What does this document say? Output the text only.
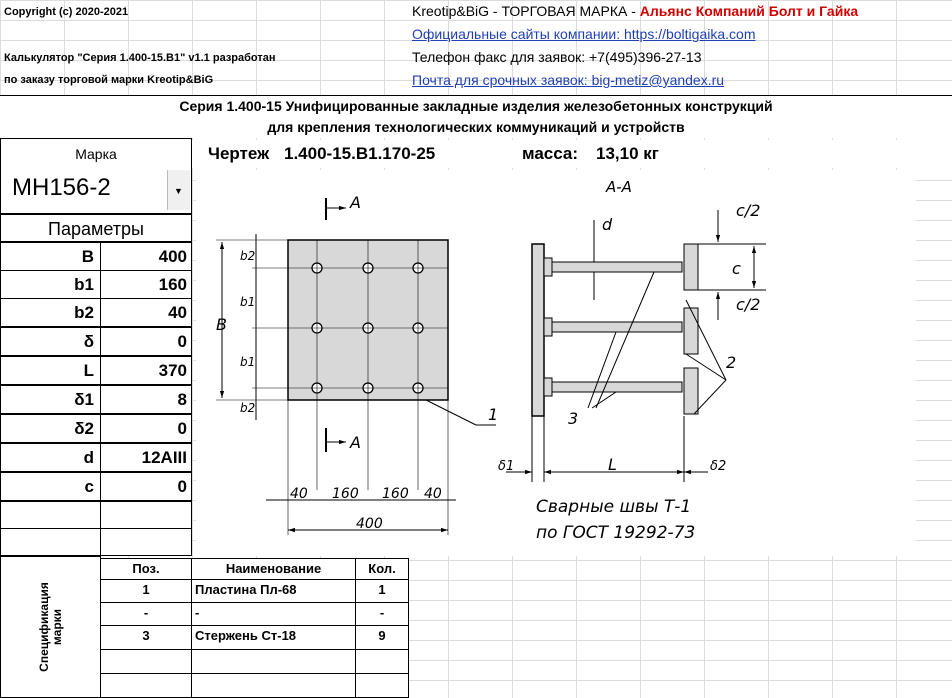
Copyright (c) 2020-2021
Калькулятор "Серия 1.400-15.В1" v1.1 разработан
по заказу торговой марки Kreotip&BiG
Kreotip&BiG - ТОРГОВАЯ МАРКА - Альянс Компаний Болт и Гайка
Официальные сайты компании: https://boltigaika.com
Телефон факс для заявок: +7(495)396-27-13
Почта для срочных заявок: big-metiz@yandex.ru
Серия 1.400-15 Унифицированные закладные изделия железобетонных конструкций
для крепления технологических коммуникаций и устройств
Марка
МН156-2	▼
Чертеж 1.400-15.В1.170-25	масса: 13,10 кг
Параметры
B	400
b1	160
b2	40
δ	0
L	370
δ1	8
δ2	0
d	12AIII
c	0
A
A
B
b2
b1
b1
b2
40 160 160 40
400
1
A-A
d
c/2
c
c/2
2
3
δ1	L	δ2
Сварные швы Т-1
по ГОСТ 19292-73
Спецификация марки
Поз.	Наименование	Кол.
1	Пластина Пл-68	1
-	-	-
3	Стержень Ст-18	9
